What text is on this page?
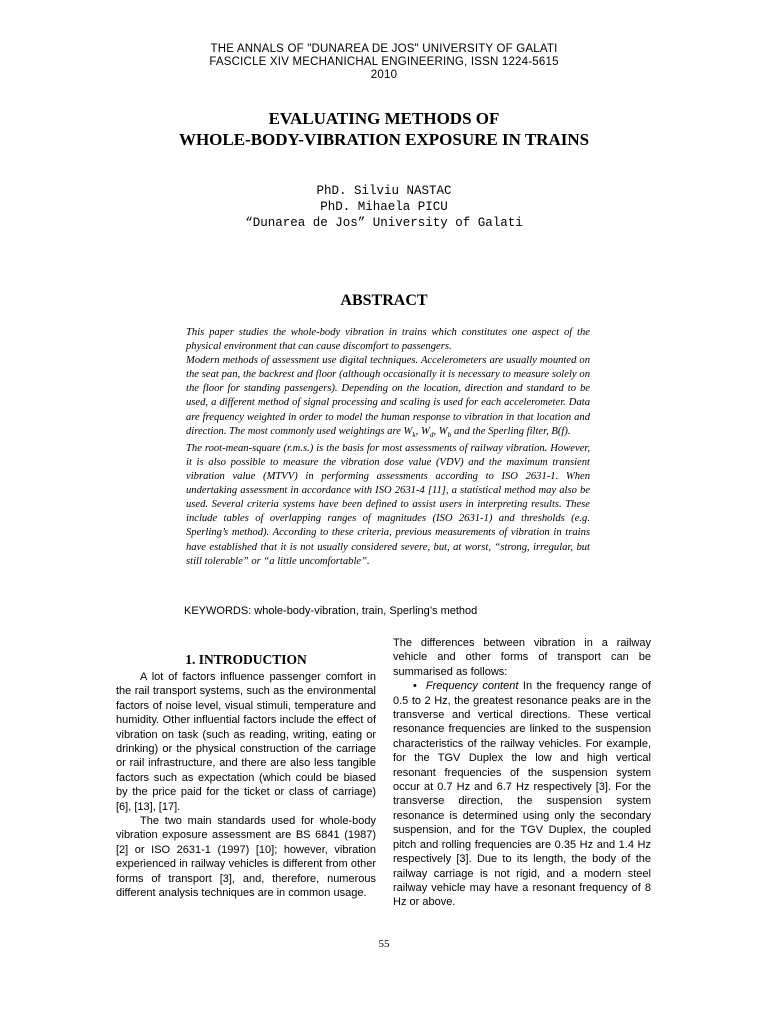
THE ANNALS OF "DUNAREA DE JOS" UNIVERSITY OF GALATI
FASCICLE XIV MECHANICHAL ENGINEERING, ISSN 1224-5615
2010
EVALUATING METHODS OF
WHOLE-BODY-VIBRATION EXPOSURE IN TRAINS
PhD. Silviu NASTAC
PhD. Mihaela PICU
“Dunarea de Jos” University of Galati
ABSTRACT

This paper studies the whole-body vibration in trains which constitutes one aspect of the physical environment that can cause discomfort to passengers.

Modern methods of assessment use digital techniques. Accelerometers are usually mounted on the seat pan, the backrest and floor (although occasionally it is necessary to measure solely on the floor for standing passengers). Depending on the location, direction and standard to be used, a different method of signal processing and scaling is used for each accelerometer. Data are frequency weighted in order to model the human response to vibration in that location and direction. The most commonly used weightings are $W_k$, $W_d$, $W_b$ and the Sperling filter, B(f).

The root-mean-square (r.m.s.) is the basis for most assessments of railway vibration. However, it is also possible to measure the vibration dose value (VDV) and the maximum transient vibration value (MTVV) in performing assessments according to ISO 2631-1. When undertaking assessment in accordance with ISO 2631-4 [11], a statistical method may also be used. Several criteria systems have been defined to assist users in interpreting results. These include tables of overlapping ranges of magnitudes (ISO 2631-1) and thresholds (e.g. Sperling’s method). According to these criteria, previous measurements of vibration in trains have established that it is not usually considered severe, but, at worst, “strong, irregular, but still tolerable” or “a little uncomfortable”.

KEYWORDS: whole-body-vibration, train, Sperling’s method
1. INTRODUCTION

A lot of factors influence passenger comfort in the rail transport systems, such as the environmental factors of noise level, visual stimuli, temperature and humidity. Other influential factors include the effect of vibration on task (such as reading, writing, eating or drinking) or the physical construction of the carriage or rail infrastructure, and there are also less tangible factors such as expectation (which could be biased by the price paid for the ticket or class of carriage) [6], [13], [17].

The two main standards used for whole-body vibration exposure assessment are BS 6841 (1987) [2] or ISO 2631-1 (1997) [10]; however, vibration experienced in railway vehicles is different from other forms of transport [3], and, therefore, numerous different analysis techniques are in common usage.

The differences between vibration in a railway vehicle and other forms of transport can be summarised as follows:

• Frequency content In the frequency range of 0.5 to 2 Hz, the greatest resonance peaks are in the transverse and vertical directions. These vertical resonance frequencies are linked to the suspension characteristics of the railway vehicles. For example, for the TGV Duplex the low and high vertical resonant frequencies of the suspension system occur at 0.7 Hz and 6.7 Hz respectively [3]. For the transverse direction, the suspension system resonance is determined using only the secondary suspension, and for the TGV Duplex, the coupled pitch and rolling frequencies are 0.35 Hz and 1.4 Hz respectively [3]. Due to its length, the body of the railway carriage is not rigid, and a modern steel railway vehicle may have a resonant frequency of 8 Hz or above.

55
